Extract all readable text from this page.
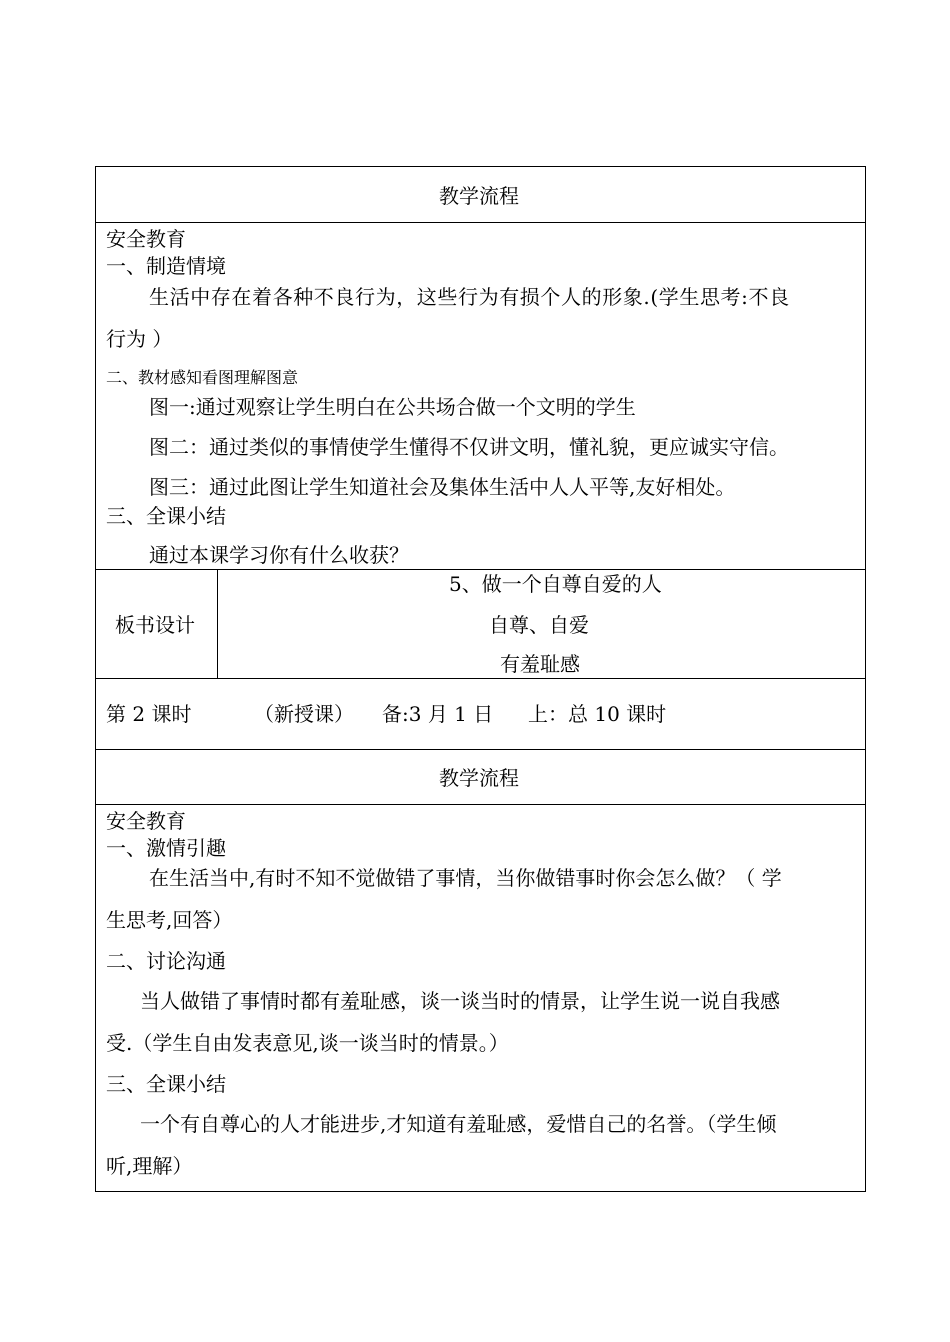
教学流程
安全教育
一、制造情境
生活中存在着各种不良行为，这些行为有损个人的形象.(学生思考:不良
行为 ）
二、教材感知看图理解图意
图一:通过观察让学生明白在公共场合做一个文明的学生
图二：通过类似的事情使学生懂得不仅讲文明，懂礼貌，更应诚实守信。
图三：通过此图让学生知道社会及集体生活中人人平等,友好相处。
三、全课小结
通过本课学习你有什么收获？
板书设计
5、做一个自尊自爱的人
自尊、自爱
有羞耻感
第 2 课时	（新授课） 备:3 月 1 日 上：总 10 课时
教学流程
安全教育
一、激情引趣
在生活当中,有时不知不觉做错了事情，当你做错事时你会怎么做？（ 学
生思考,回答）
二、讨论沟通
当人做错了事情时都有羞耻感，谈一谈当时的情景，让学生说一说自我感
受.（学生自由发表意见,谈一谈当时的情景。）
三、全课小结
一个有自尊心的人才能进步,才知道有羞耻感，爱惜自己的名誉。（学生倾
听,理解）
